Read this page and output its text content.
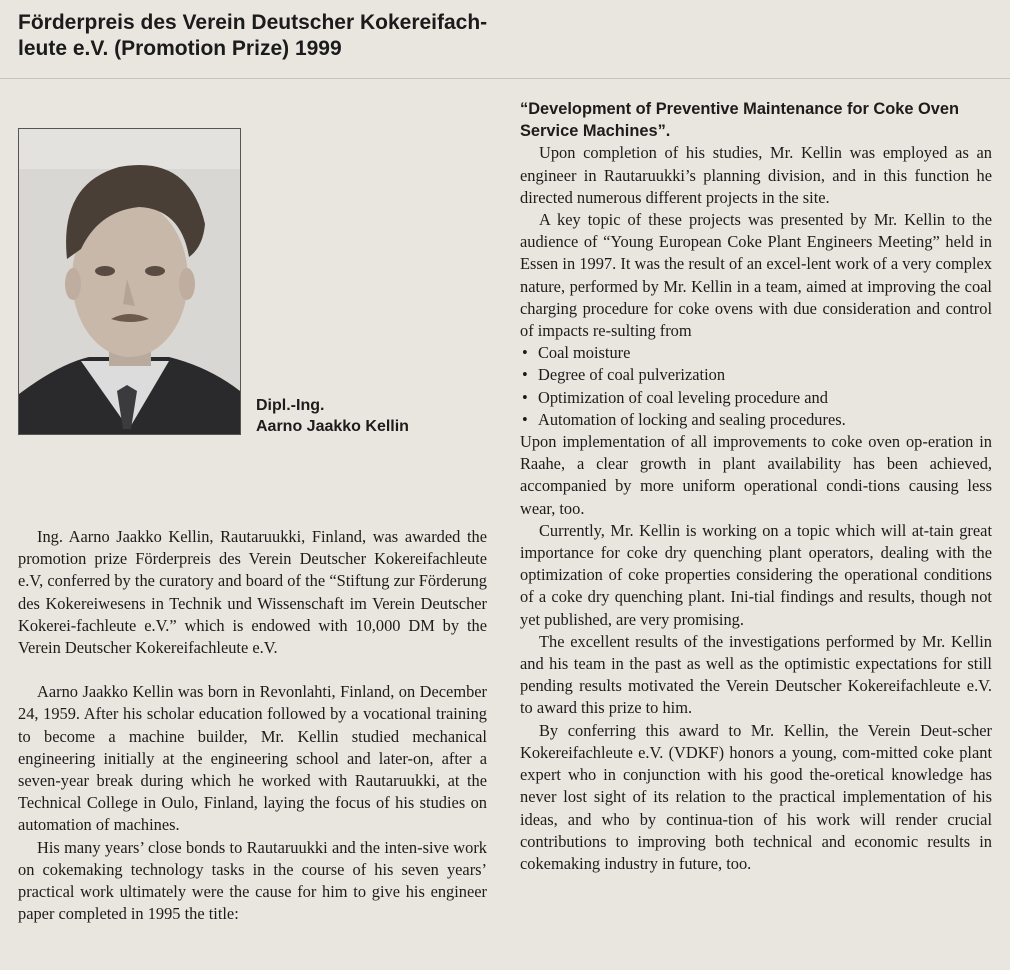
Förderpreis des Verein Deutscher Kokereifach-leute e.V. (Promotion Prize) 1999
Dipl.-Ing.
Aarno Jaakko Kellin

Ing. Aarno Jaakko Kellin, Rautaruukki, Finland, was awarded the promotion prize Förderpreis des Verein Deutscher Kokereifachleute e.V, conferred by the curatory and board of the “Stiftung zur Förderung des Kokereiwesens in Technik und Wissenschaft im Verein Deutscher Kokerei-fachleute e.V.” which is endowed with 10,000 DM by the Verein Deutscher Kokereifachleute e.V.

Aarno Jaakko Kellin was born in Revonlahti, Finland, on December 24, 1959. After his scholar education followed by a vocational training to become a machine builder, Mr. Kellin studied mechanical engineering initially at the engineering school and later-on, after a seven-year break during which he worked with Rautaruukki, at the Technical College in Oulo, Finland, laying the focus of his studies on automation of machines.

His many years’ close bonds to Rautaruukki and the inten-sive work on cokemaking technology tasks in the course of his seven years’ practical work ultimately were the cause for him to give his engineer paper completed in 1995 the title:

“Development of Preventive Maintenance for Coke Oven Service Machines”.

Upon completion of his studies, Mr. Kellin was employed as an engineer in Rautaruukki’s planning division, and in this function he directed numerous different projects in the site.

A key topic of these projects was presented by Mr. Kellin to the audience of “Young European Coke Plant Engineers Meeting” held in Essen in 1997. It was the result of an excel-lent work of a very complex nature, performed by Mr. Kellin in a team, aimed at improving the coal charging procedure for coke ovens with due consideration and control of impacts re-sulting from

• Coal moisture
• Degree of coal pulverization
• Optimization of coal leveling procedure and
• Automation of locking and sealing procedures.

Upon implementation of all improvements to coke oven op-eration in Raahe, a clear growth in plant availability has been achieved, accompanied by more uniform operational condi-tions causing less wear, too.

Currently, Mr. Kellin is working on a topic which will at-tain great importance for coke dry quenching plant operators, dealing with the optimization of coke properties considering the operational conditions of a coke dry quenching plant. Ini-tial findings and results, though not yet published, are very promising.

The excellent results of the investigations performed by Mr. Kellin and his team in the past as well as the optimistic expectations for still pending results motivated the Verein Deutscher Kokereifachleute e.V. to award this prize to him.

By conferring this award to Mr. Kellin, the Verein Deut-scher Kokereifachleute e.V. (VDKF) honors a young, com-mitted coke plant expert who in conjunction with his good the-oretical knowledge has never lost sight of its relation to the practical implementation of his ideas, and who by continua-tion of his work will render crucial contributions to improving both technical and economic results in cokemaking industry in future, too.
